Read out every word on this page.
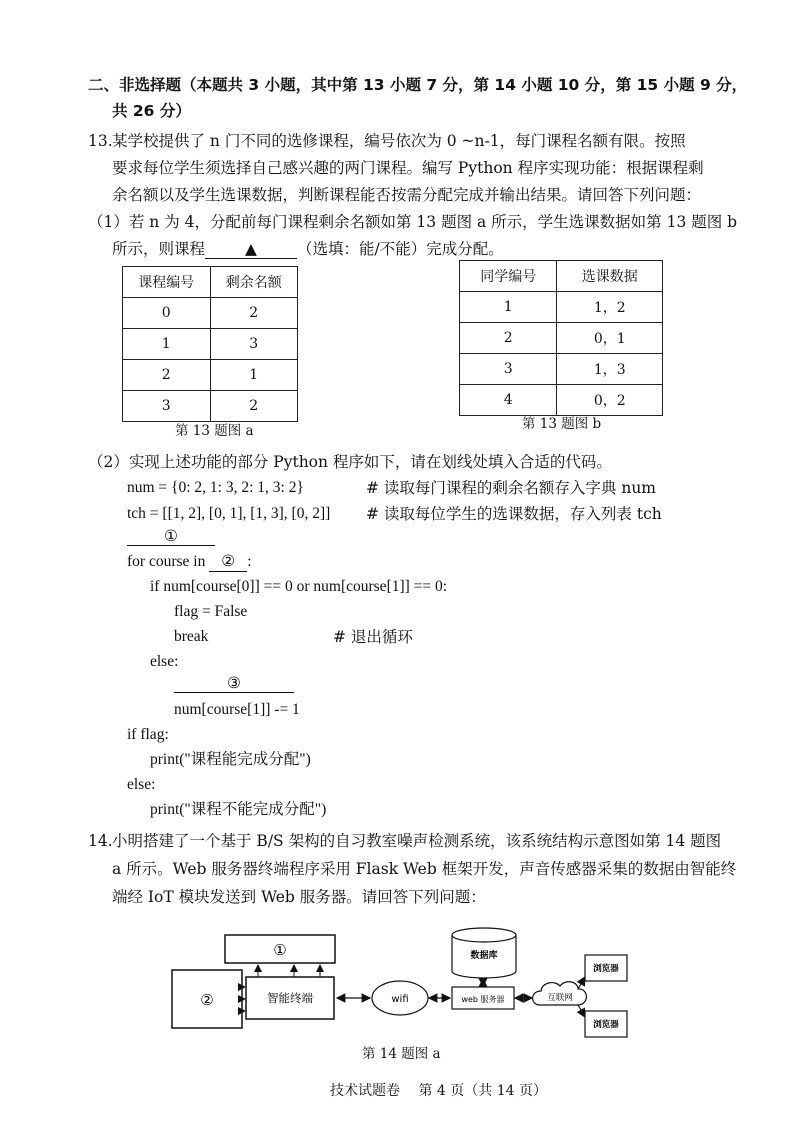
二、非选择题（本题共 3 小题，其中第 13 小题 7 分，第 14 小题 10 分，第 15 小题 9 分，
共 26 分）
13. 某学校提供了 n 门不同的选修课程，编号依次为 0 ~n-1，每门课程名额有限。按照
要求每位学生须选择自己感兴趣的两门课程。编写 Python 程序实现功能：根据课程剩
余名额以及学生选课数据，判断课程能否按需分配完成并输出结果。请回答下列问题：
（1）若 n 为 4，分配前每门课程剩余名额如第 13 题图 a 所示，学生选课数据如第 13 题图 b
所示，则课程	▲	（选填：能/不能）完成分配。
课程编号	剩余名额
0	2
1	3
2	1
3	2
第 13 题图 a
同学编号	选课数据
1	1，2
2	0，1
3	1，3
4	0，2
第 13 题图 b
（2）实现上述功能的部分 Python 程序如下，请在划线处填入合适的代码。
num = {0: 2, 1: 3, 2: 1, 3: 2}	# 读取每门课程的剩余名额存入字典 num
tch = [[1, 2], [0, 1], [1, 3], [0, 2]] # 读取每位学生的选课数据，存入列表 tch
①
for course in ② :
if num[course[0]] == 0 or num[course[1]] == 0:
flag = False
break	# 退出循环
else:
③
num[course[1]] -= 1
if flag:
print("课程能完成分配")
else:
print("课程不能完成分配")
14. 小明搭建了一个基于 B/S 架构的自习教室噪声检测系统，该系统结构示意图如第 14 题图
a 所示。Web 服务器终端程序采用 Flask Web 框架开发，声音传感器采集的数据由智能终
端经 IoT 模块发送到 Web 服务器。请回答下列问题：
①
②	智能终端	wifi	web 服务器
数据库
互联网
浏览器
浏览器
第 14 题图 a
技术试题卷　 第 4 页（共 14 页）
